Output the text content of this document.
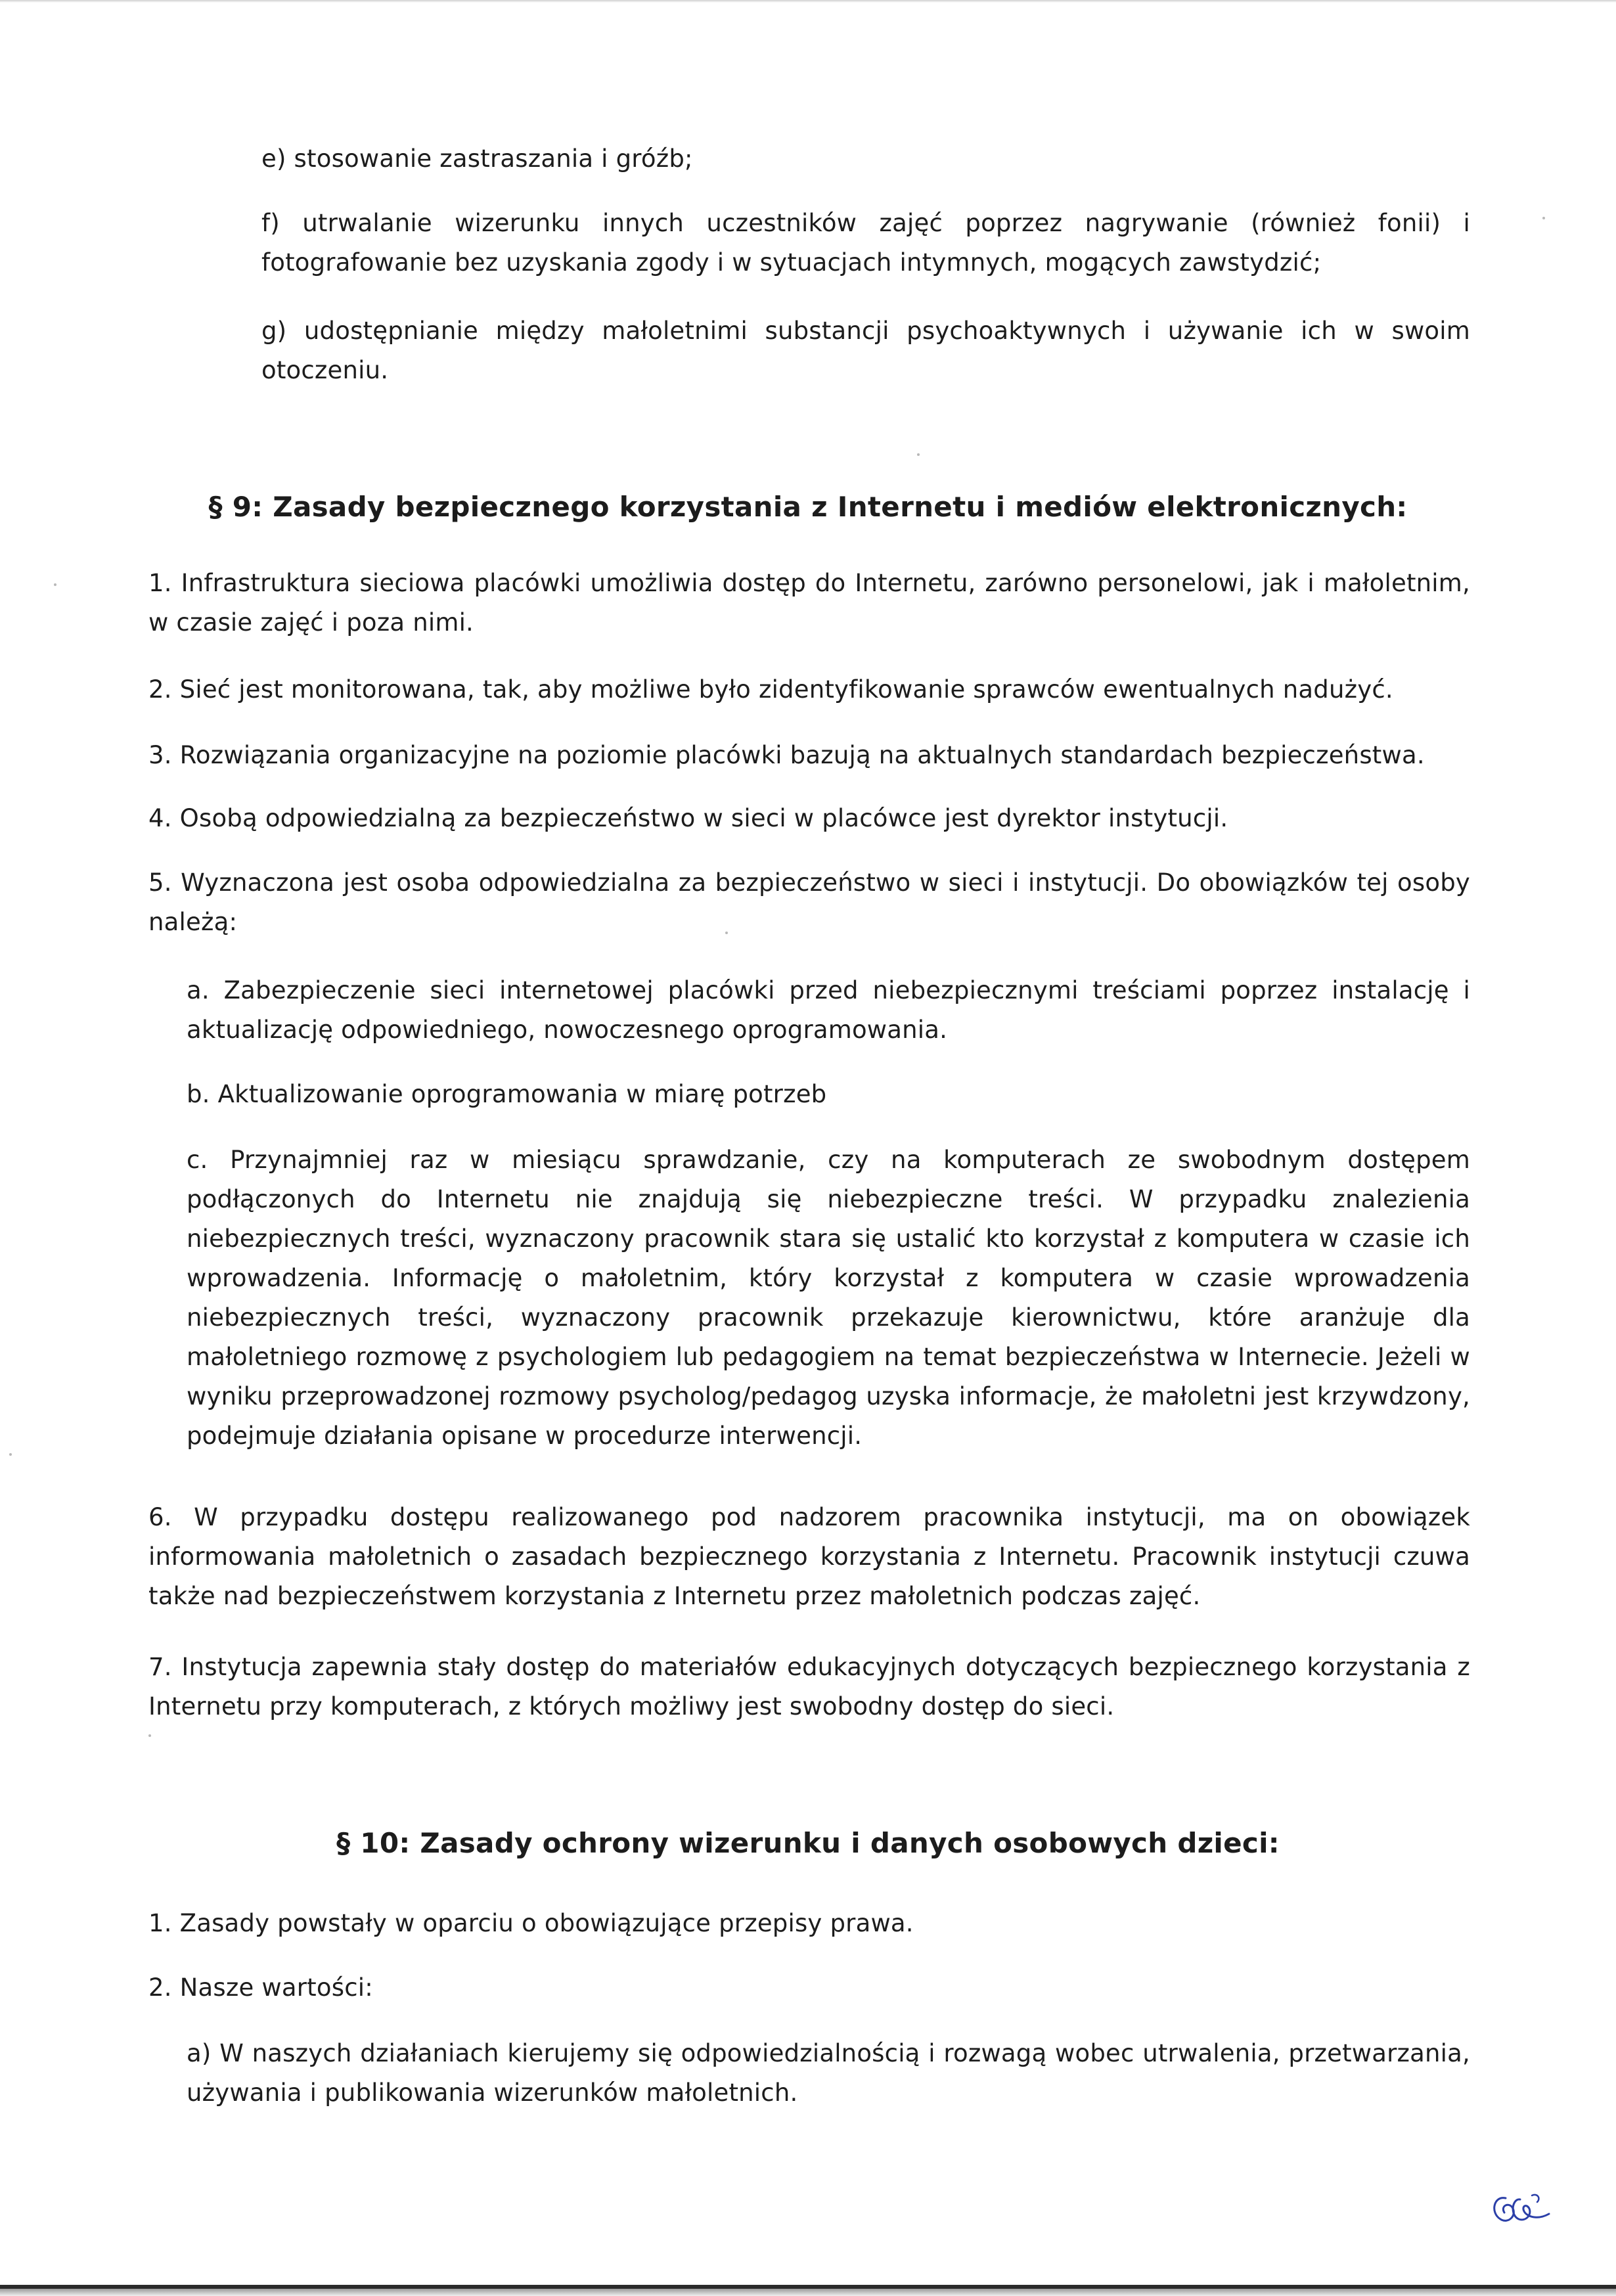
e) stosowanie zastraszania i gróźb;
f) utrwalanie wizerunku innych uczestników zajęć poprzez nagrywanie (również fonii) i fotografowanie bez uzyskania zgody i w sytuacjach intymnych, mogących zawstydzić;
g) udostępnianie między małoletnimi substancji psychoaktywnych i używanie ich w swoim otoczeniu.
§ 9: Zasady bezpiecznego korzystania z Internetu i mediów elektronicznych:
1. Infrastruktura sieciowa placówki umożliwia dostęp do Internetu, zarówno personelowi, jak i małoletnim, w czasie zajęć i poza nimi.
2. Sieć jest monitorowana, tak, aby możliwe było zidentyfikowanie sprawców ewentualnych nadużyć.
3. Rozwiązania organizacyjne na poziomie placówki bazują na aktualnych standardach bezpieczeństwa.
4. Osobą odpowiedzialną za bezpieczeństwo w sieci w placówce jest dyrektor instytucji.
5. Wyznaczona jest osoba odpowiedzialna za bezpieczeństwo w sieci i instytucji. Do obowiązków tej osoby należą:
a. Zabezpieczenie sieci internetowej placówki przed niebezpiecznymi treściami poprzez instalację i aktualizację odpowiedniego, nowoczesnego oprogramowania.
b. Aktualizowanie oprogramowania w miarę potrzeb
c. Przynajmniej raz w miesiącu sprawdzanie, czy na komputerach ze swobodnym dostępem podłączonych do Internetu nie znajdują się niebezpieczne treści. W przypadku znalezienia niebezpiecznych treści, wyznaczony pracownik stara się ustalić kto korzystał z komputera w czasie ich wprowadzenia. Informację o małoletnim, który korzystał z komputera w czasie wprowadzenia niebezpiecznych treści, wyznaczony pracownik przekazuje kierownictwu, które aranżuje dla małoletniego rozmowę z psychologiem lub pedagogiem na temat bezpieczeństwa w Internecie. Jeżeli w wyniku przeprowadzonej rozmowy psycholog/pedagog uzyska informacje, że małoletni jest krzywdzony, podejmuje działania opisane w procedurze interwencji.
6. W przypadku dostępu realizowanego pod nadzorem pracownika instytucji, ma on obowiązek informowania małoletnich o zasadach bezpiecznego korzystania z Internetu. Pracownik instytucji czuwa także nad bezpieczeństwem korzystania z Internetu przez małoletnich podczas zajęć.
7. Instytucja zapewnia stały dostęp do materiałów edukacyjnych dotyczących bezpiecznego korzystania z Internetu przy komputerach, z których możliwy jest swobodny dostęp do sieci.
§ 10: Zasady ochrony wizerunku i danych osobowych dzieci:
1. Zasady powstały w oparciu o obowiązujące przepisy prawa.
2. Nasze wartości:
a) W naszych działaniach kierujemy się odpowiedzialnością i rozwagą wobec utrwalenia, przetwarzania, używania i publikowania wizerunków małoletnich.
